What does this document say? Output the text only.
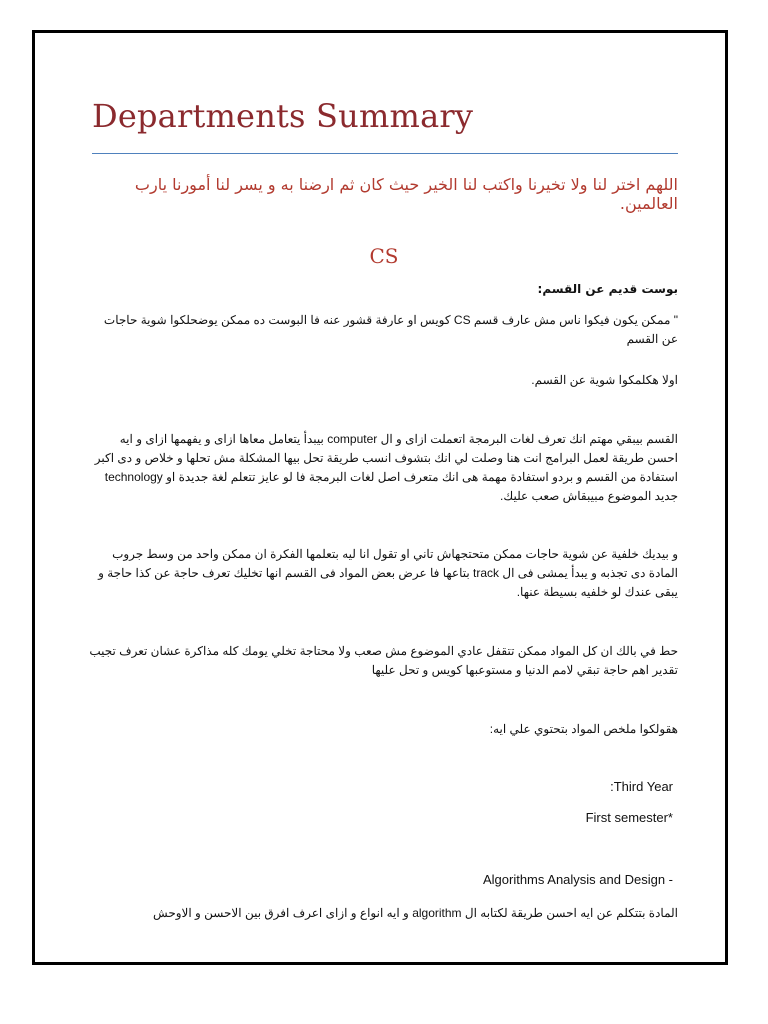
Departments Summary
اللهم اختر لنا ولا تخيرنا واكتب لنا الخير حيث كان ثم ارضنا به و يسر لنا أمورنا يارب العالمين.
CS
بوست قديم عن القسم:
" ممكن يكون فيكوا ناس مش عارف قسم CS كويس او عارفة قشور عنه فا البوست ده ممكن يوضحلكوا شوية حاجات عن القسم
اولا هكلمكوا شوية عن القسم.
القسم بيبقي مهتم انك تعرف لغات البرمجة اتعملت ازاى و ال computer بيبدأ يتعامل معاها ازاى و يفهمها ازاى و ايه احسن طريقة لعمل البرامج انت هنا وصلت لي انك بتشوف انسب طريقة تحل بيها المشكلة مش تحلها و خلاص و دى اكبر استفادة من القسم و بردو استفادة مهمة هى انك متعرف اصل لغات البرمجة فا لو عايز تتعلم لغة جديدة او technology جديد الموضوع مبيبقاش صعب عليك.
و بيديك خلفية عن شوية حاجات ممكن متحتجهاش تاني او تقول انا ليه بتعلمها الفكرة ان ممكن واحد من وسط جروب المادة دى تجذبه و يبدأ يمشى فى ال track بتاعها فا عرض بعض المواد فى القسم انها تخليك تعرف حاجة عن كذا حاجة و يبقى عندك لو خلفيه بسيطة عنها.
حط في بالك ان كل المواد ممكن تتقفل عادي الموضوع مش صعب ولا محتاجة تخلي يومك كله مذاكرة عشان تعرف تجيب تقدير اهم حاجة تبقي لامم الدنيا و مستوعبها كويس و تحل عليها
هقولكوا ملخص المواد بتحتوي علي ايه:
:Third Year
First semester*
Algorithms Analysis and Design -
المادة بتتكلم عن ايه احسن طريقة لكتابه ال algorithm و ايه انواع و ازاى اعرف افرق بين الاحسن و الاوحش
